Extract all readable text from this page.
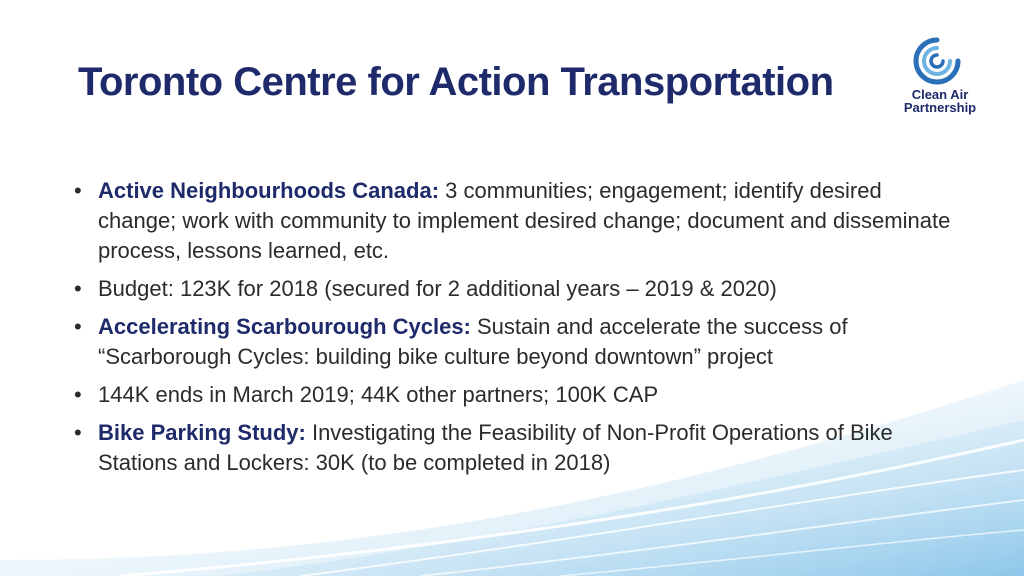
Toronto Centre for Action Transportation	Clean Air
Partnership
• Active Neighbourhoods Canada: 3 communities; engagement; identify desired change; work with community to implement desired change; document and disseminate process, lessons learned, etc.
• Budget: 123K for 2018 (secured for 2 additional years – 2019 & 2020)
• Accelerating Scarbourough Cycles: Sustain and accelerate the success of “Scarborough Cycles: building bike culture beyond downtown” project
• 144K ends in March 2019; 44K other partners; 100K CAP
• Bike Parking Study: Investigating the Feasibility of Non-Profit Operations of Bike Stations and Lockers: 30K (to be completed in 2018)
